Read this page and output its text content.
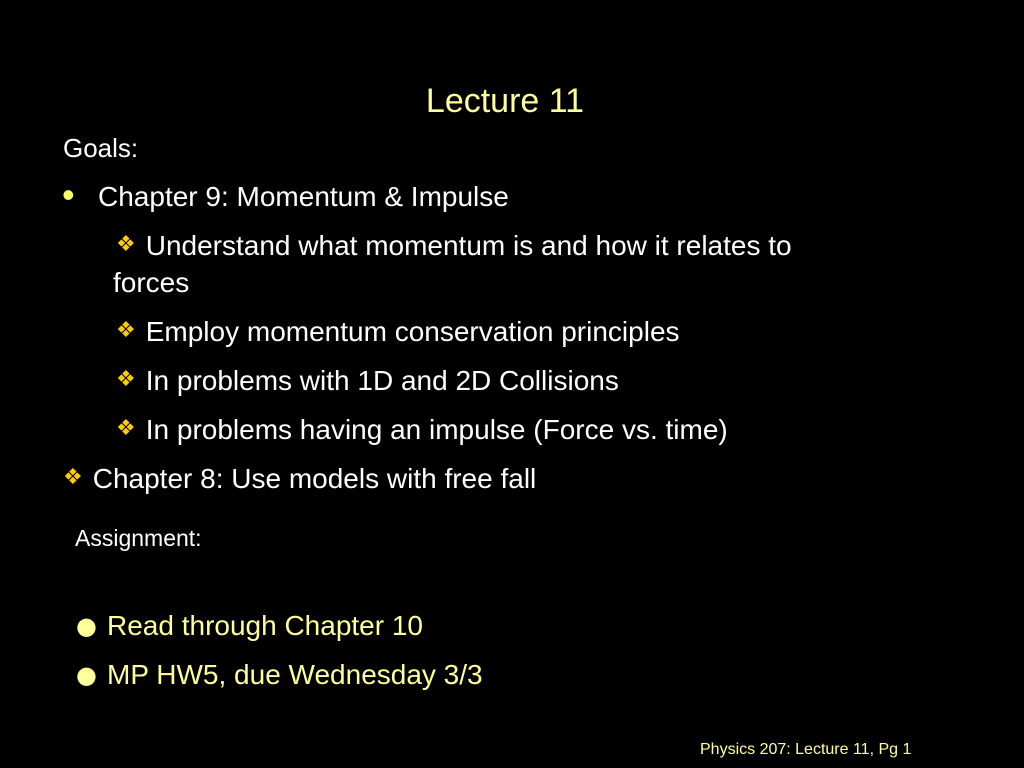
Lecture 11
Goals:
• Chapter 9: Momentum & Impulse
❖ Understand what momentum is and how it relates to
forces
❖ Employ momentum conservation principles
❖ In problems with 1D and 2D Collisions
❖ In problems having an impulse (Force vs. time)
❖ Chapter 8: Use models with free fall
Assignment:
● Read through Chapter 10
● MP HW5, due Wednesday 3/3
Physics 207: Lecture 11, Pg 1
